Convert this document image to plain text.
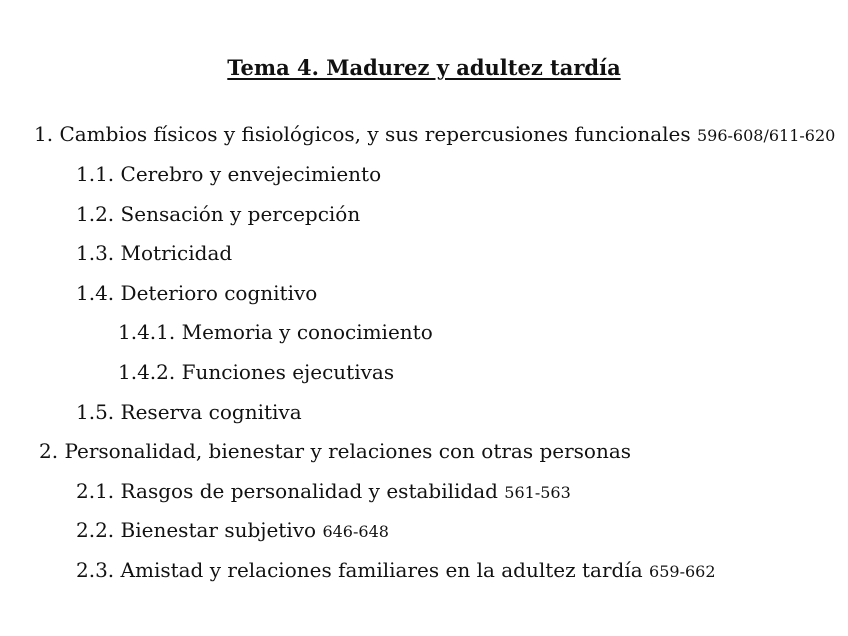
Tema 4. Madurez y adultez tardía
1. Cambios físicos y fisiológicos, y sus repercusiones funcionales 596-608/611-620
1.1. Cerebro y envejecimiento
1.2. Sensación y percepción
1.3. Motricidad
1.4. Deterioro cognitivo
1.4.1. Memoria y conocimiento
1.4.2. Funciones ejecutivas
1.5. Reserva cognitiva
2. Personalidad, bienestar y relaciones con otras personas
2.1. Rasgos de personalidad y estabilidad 561-563
2.2. Bienestar subjetivo 646-648
2.3. Amistad y relaciones familiares en la adultez tardía 659-662
